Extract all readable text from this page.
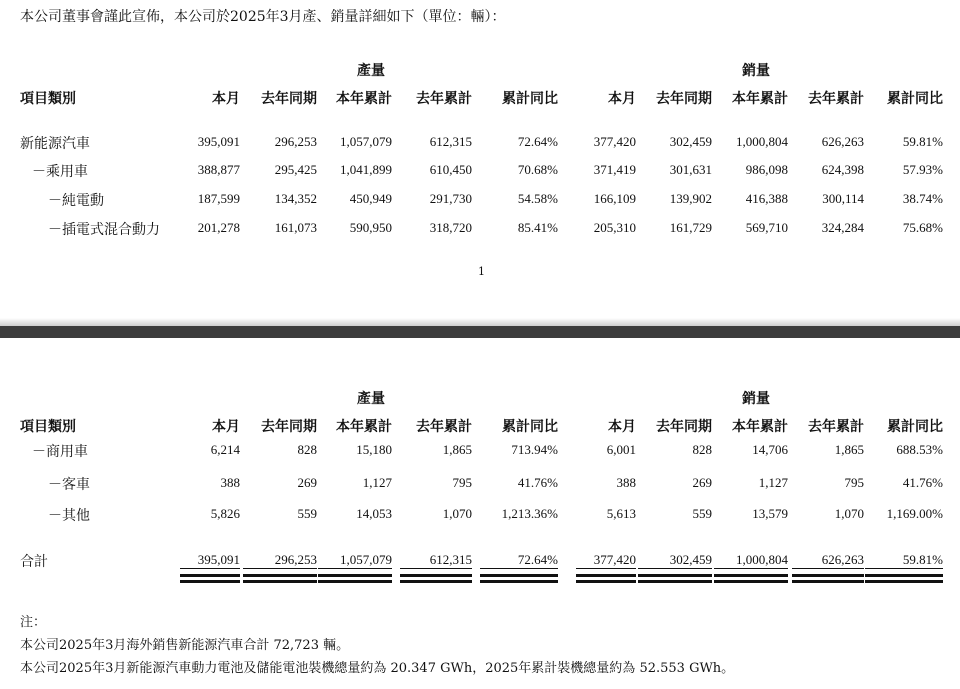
本公司董事會謹此宣佈，本公司於2025年3月產、銷量詳細如下（單位：輛）：
產量	銷量
項目類別	本月	去年同期	本年累計	去年累計	累計同比	本月	去年同期	本年累計	去年累計	累計同比
新能源汽車	395,091	296,253	1,057,079	612,315	72.64%	377,420	302,459	1,000,804	626,263	59.81%
－乘用車	388,877	295,425	1,041,899	610,450	70.68%	371,419	301,631	986,098	624,398	57.93%
－純電動	187,599	134,352	450,949	291,730	54.58%	166,109	139,902	416,388	300,114	38.74%
－插電式混合動力	201,278	161,073	590,950	318,720	85.41%	205,310	161,729	569,710	324,284	75.68%
1
產量	銷量
項目類別	本月	去年同期	本年累計	去年累計	累計同比	本月	去年同期	本年累計	去年累計	累計同比
－商用車	6,214	828	15,180	1,865	713.94%	6,001	828	14,706	1,865	688.53%
－客車	388	269	1,127	795	41.76%	388	269	1,127	795	41.76%
－其他	5,826	559	14,053	1,070	1,213.36%	5,613	559	13,579	1,070	1,169.00%
合計	395,091	296,253	1,057,079	612,315	72.64%	377,420	302,459	1,000,804	626,263	59.81%
注：
本公司2025年3月海外銷售新能源汽車合計 72,723 輛。
本公司2025年3月新能源汽車動力電池及儲能電池裝機總量約為 20.347 GWh，2025年累計裝機總量約為 52.553 GWh。
